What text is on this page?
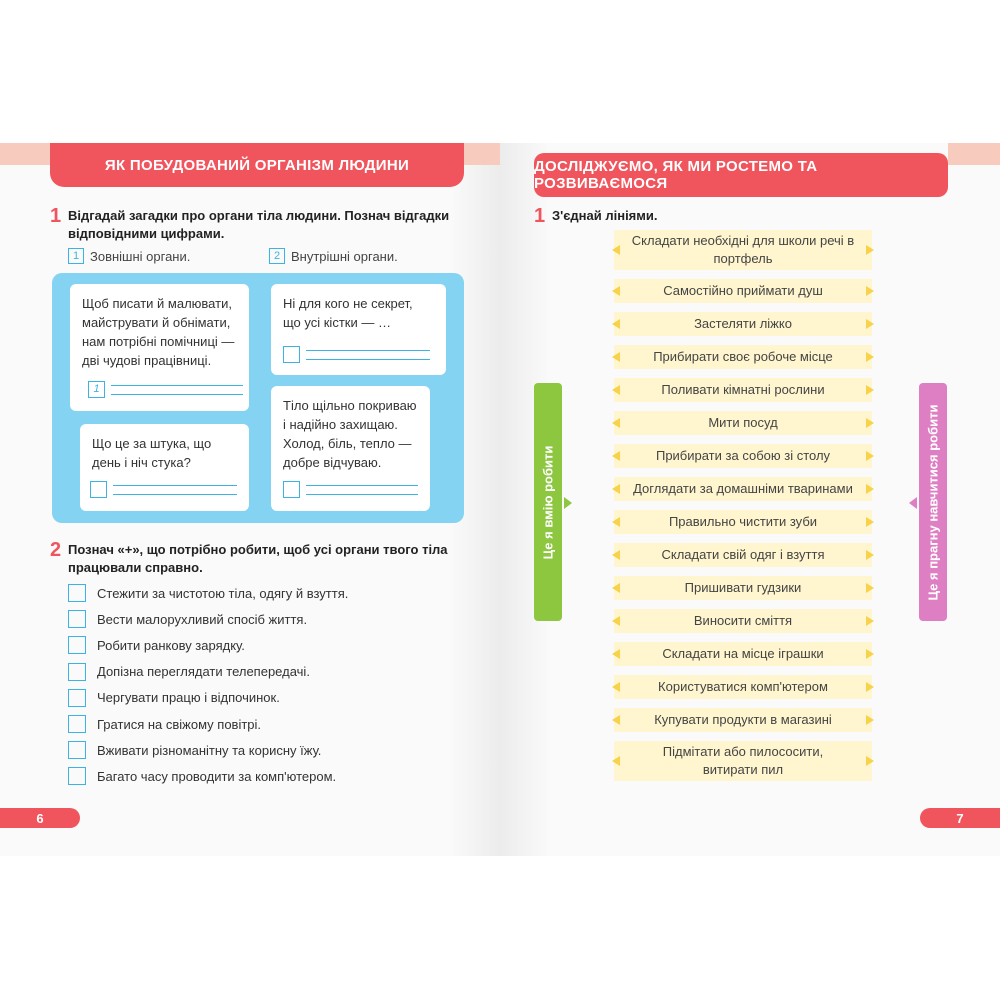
ЯК ПОБУДОВАНИЙ ОРГАНІЗМ ЛЮДИНИ
1 Відгадай загадки про органи тіла людини. Познач відгадки відповідними цифрами.
1 Зовнішні органи.	2 Внутрішні органи.
Щоб писати й малювати, майструвати й обнімати, нам потрібні помічниці — дві чудові працівниці.
1
Ні для кого не секрет, що усі кістки — …
Що це за штука, що день і ніч стука?
Тіло щільно покриваю і надійно захищаю. Холод, біль, тепло — добре відчуваю.
2 Познач «+», що потрібно робити, щоб усі органи твого тіла працювали справно.
Стежити за чистотою тіла, одягу й взуття.
Вести малорухливий спосіб життя.
Робити ранкову зарядку.
Допізна переглядати телепередачі.
Чергувати працю і відпочинок.
Гратися на свіжому повітрі.
Вживати різноманітну та корисну їжу.
Багато часу проводити за комп'ютером.
6
ДОСЛІДЖУЄМО, ЯК МИ РОСТЕМО ТА РОЗВИВАЄМОСЯ
1 З'єднай лініями.
Це я вмію робити	Це я прагну навчитися робити
Складати необхідні для школи речі в портфель
Самостійно приймати душ
Застеляти ліжко
Прибирати своє робоче місце
Поливати кімнатні рослини
Мити посуд
Прибирати за собою зі столу
Доглядати за домашніми тваринами
Правильно чистити зуби
Складати свій одяг і взуття
Пришивати гудзики
Виносити сміття
Складати на місце іграшки
Користуватися комп'ютером
Купувати продукти в магазині
Підмітати або пилососити, витирати пил
7
